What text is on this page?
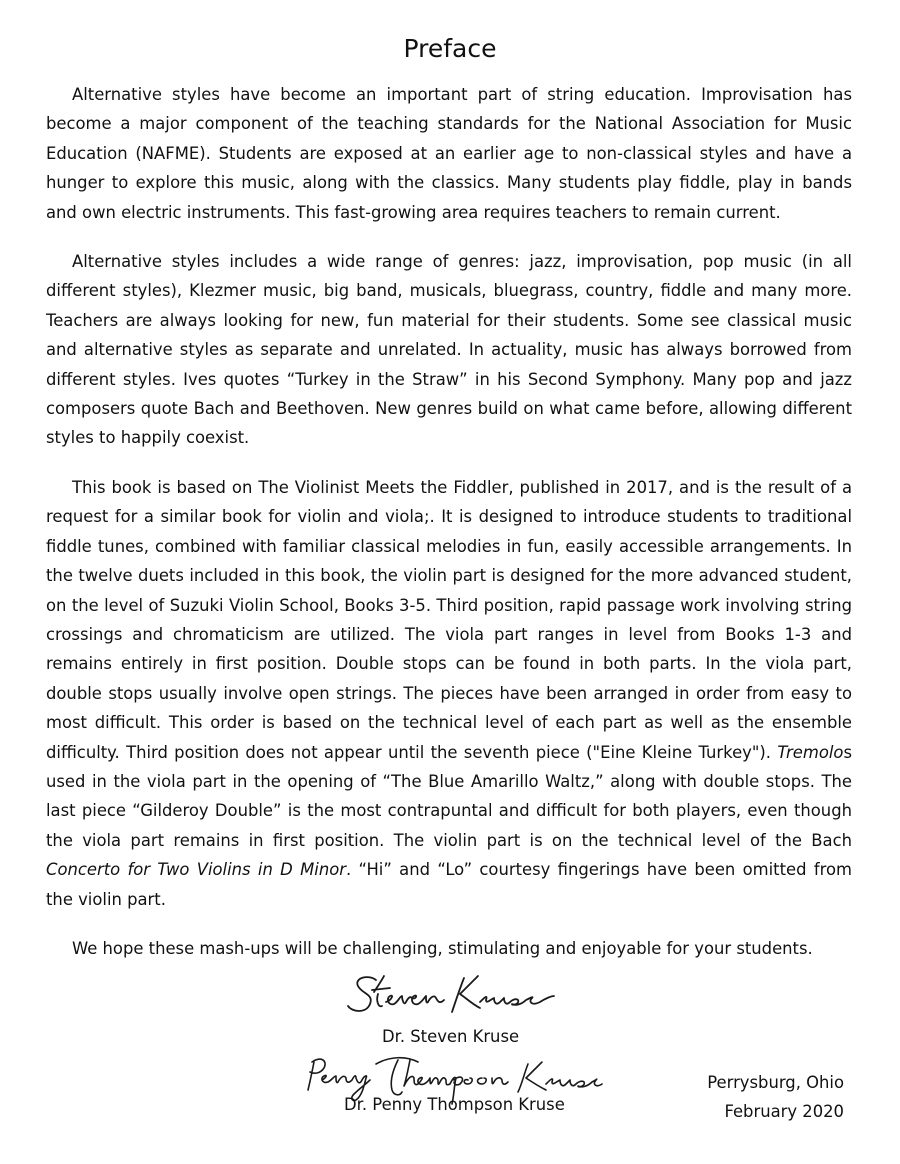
Preface

Alternative styles have become an important part of string education. Improvisation has become a major component of the teaching standards for the National Association for Music Education (NAFME). Students are exposed at an earlier age to non-classical styles and have a hunger to explore this music, along with the classics. Many students play fiddle, play in bands and own electric instruments. This fast-growing area requires teachers to remain current.

Alternative styles includes a wide range of genres: jazz, improvisation, pop music (in all different styles), Klezmer music, big band, musicals, bluegrass, country, fiddle and many more. Teachers are always looking for new, fun material for their students. Some see classical music and alternative styles as separate and unrelated. In actuality, music has always borrowed from different styles. Ives quotes “Turkey in the Straw” in his Second Symphony. Many pop and jazz composers quote Bach and Beethoven. New genres build on what came before, allowing different styles to happily coexist.

This book is based on The Violinist Meets the Fiddler, published in 2017, and is the result of a request for a similar book for violin and viola;. It is designed to introduce students to traditional fiddle tunes, combined with familiar classical melodies in fun, easily accessible arrangements. In the twelve duets included in this book, the violin part is designed for the more advanced student, on the level of Suzuki Violin School, Books 3-5. Third position, rapid passage work involving string crossings and chromaticism are utilized. The viola part ranges in level from Books 1-3 and remains entirely in first position. Double stops can be found in both parts. In the viola part, double stops usually involve open strings. The pieces have been arranged in order from easy to most difficult. This order is based on the technical level of each part as well as the ensemble difficulty. Third position does not appear until the seventh piece ("Eine Kleine Turkey"). Tremolos used in the viola part in the opening of “The Blue Amarillo Waltz,” along with double stops. The last piece “Gilderoy Double” is the most contrapuntal and difficult for both players, even though the viola part remains in first position. The violin part is on the technical level of the Bach Concerto for Two Violins in D Minor. “Hi” and “Lo” courtesy fingerings have been omitted from the violin part.

We hope these mash-ups will be challenging, stimulating and enjoyable for your students.

Dr. Steven Kruse
Dr. Penny Thompson Kruse
Perrysburg, Ohio
February 2020
